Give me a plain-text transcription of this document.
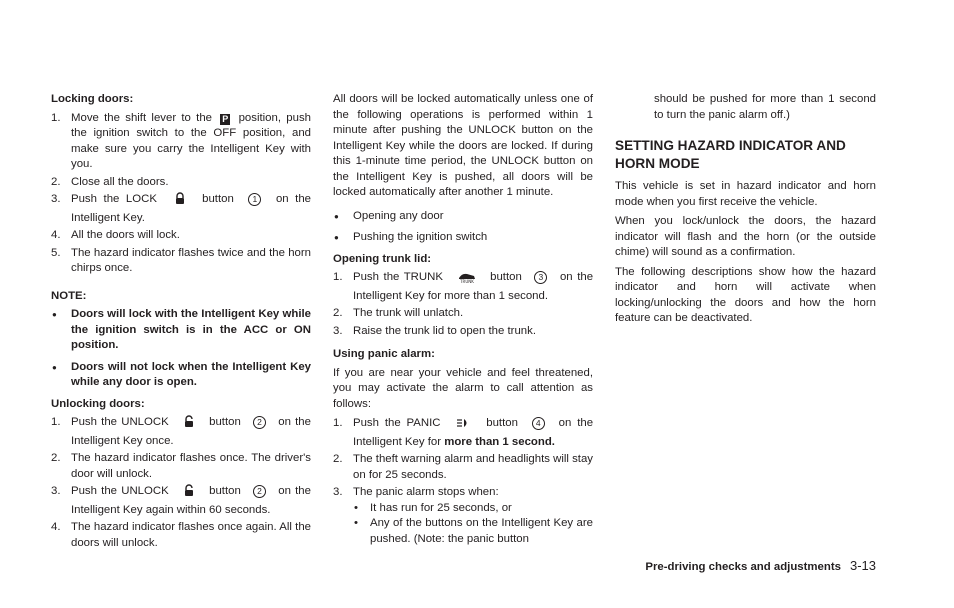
Locking doors:
1. Move the shift lever to the P position, push the ignition switch to the OFF position, and make sure you carry the Intelligent Key with you.
2. Close all the doors.
3. Push the LOCK	button 1 on the Intelligent Key.
4. All the doors will lock.
5. The hazard indicator flashes twice and the horn chirps once.
NOTE:
● Doors will lock with the Intelligent Key while the ignition switch is in the ACC or ON position.
● Doors will not lock when the Intelligent Key while any door is open.
Unlocking doors:
1. Push the UNLOCK	button 2 on the Intelligent Key once.
2. The hazard indicator flashes once. The driver's door will unlock.
3. Push the UNLOCK	button 2 on the Intelligent Key again within 60 seconds.
4. The hazard indicator flashes once again. All the doors will unlock.

All doors will be locked automatically unless one of the following operations is performed within 1 minute after pushing the UNLOCK button on the Intelligent Key while the doors are locked. If during this 1-minute time period, the UNLOCK button on the Intelligent Key is pushed, all doors will be locked automatically after another 1 minute.

● Opening any door
● Pushing the ignition switch
Opening trunk lid:
1. Push the TRUNK	TRUNK button 3 on the Intelligent Key for more than 1 second.
2. The trunk will unlatch.
3. Raise the trunk lid to open the trunk.
Using panic alarm:

If you are near your vehicle and feel threatened, you may activate the alarm to call attention as follows:

1. Push the PANIC	button 4 on the Intelligent Key for more than 1 second.
2. The theft warning alarm and headlights will stay on for 25 seconds.
3. The panic alarm stops when:
• It has run for 25 seconds, or
• Any of the buttons on the Intelligent Key are pushed. (Note: the panic button

should be pushed for more than 1 second to turn the panic alarm off.)

SETTING HAZARD INDICATOR AND
HORN MODE

This vehicle is set in hazard indicator and horn mode when you first receive the vehicle.

When you lock/unlock the doors, the hazard indicator will flash and the horn (or the outside chime) will sound as a confirmation.

The following descriptions show how the hazard indicator and horn will activate when locking/unlocking the doors and how the horn feature can be deactivated.

Pre-driving checks and adjustments 3-13
